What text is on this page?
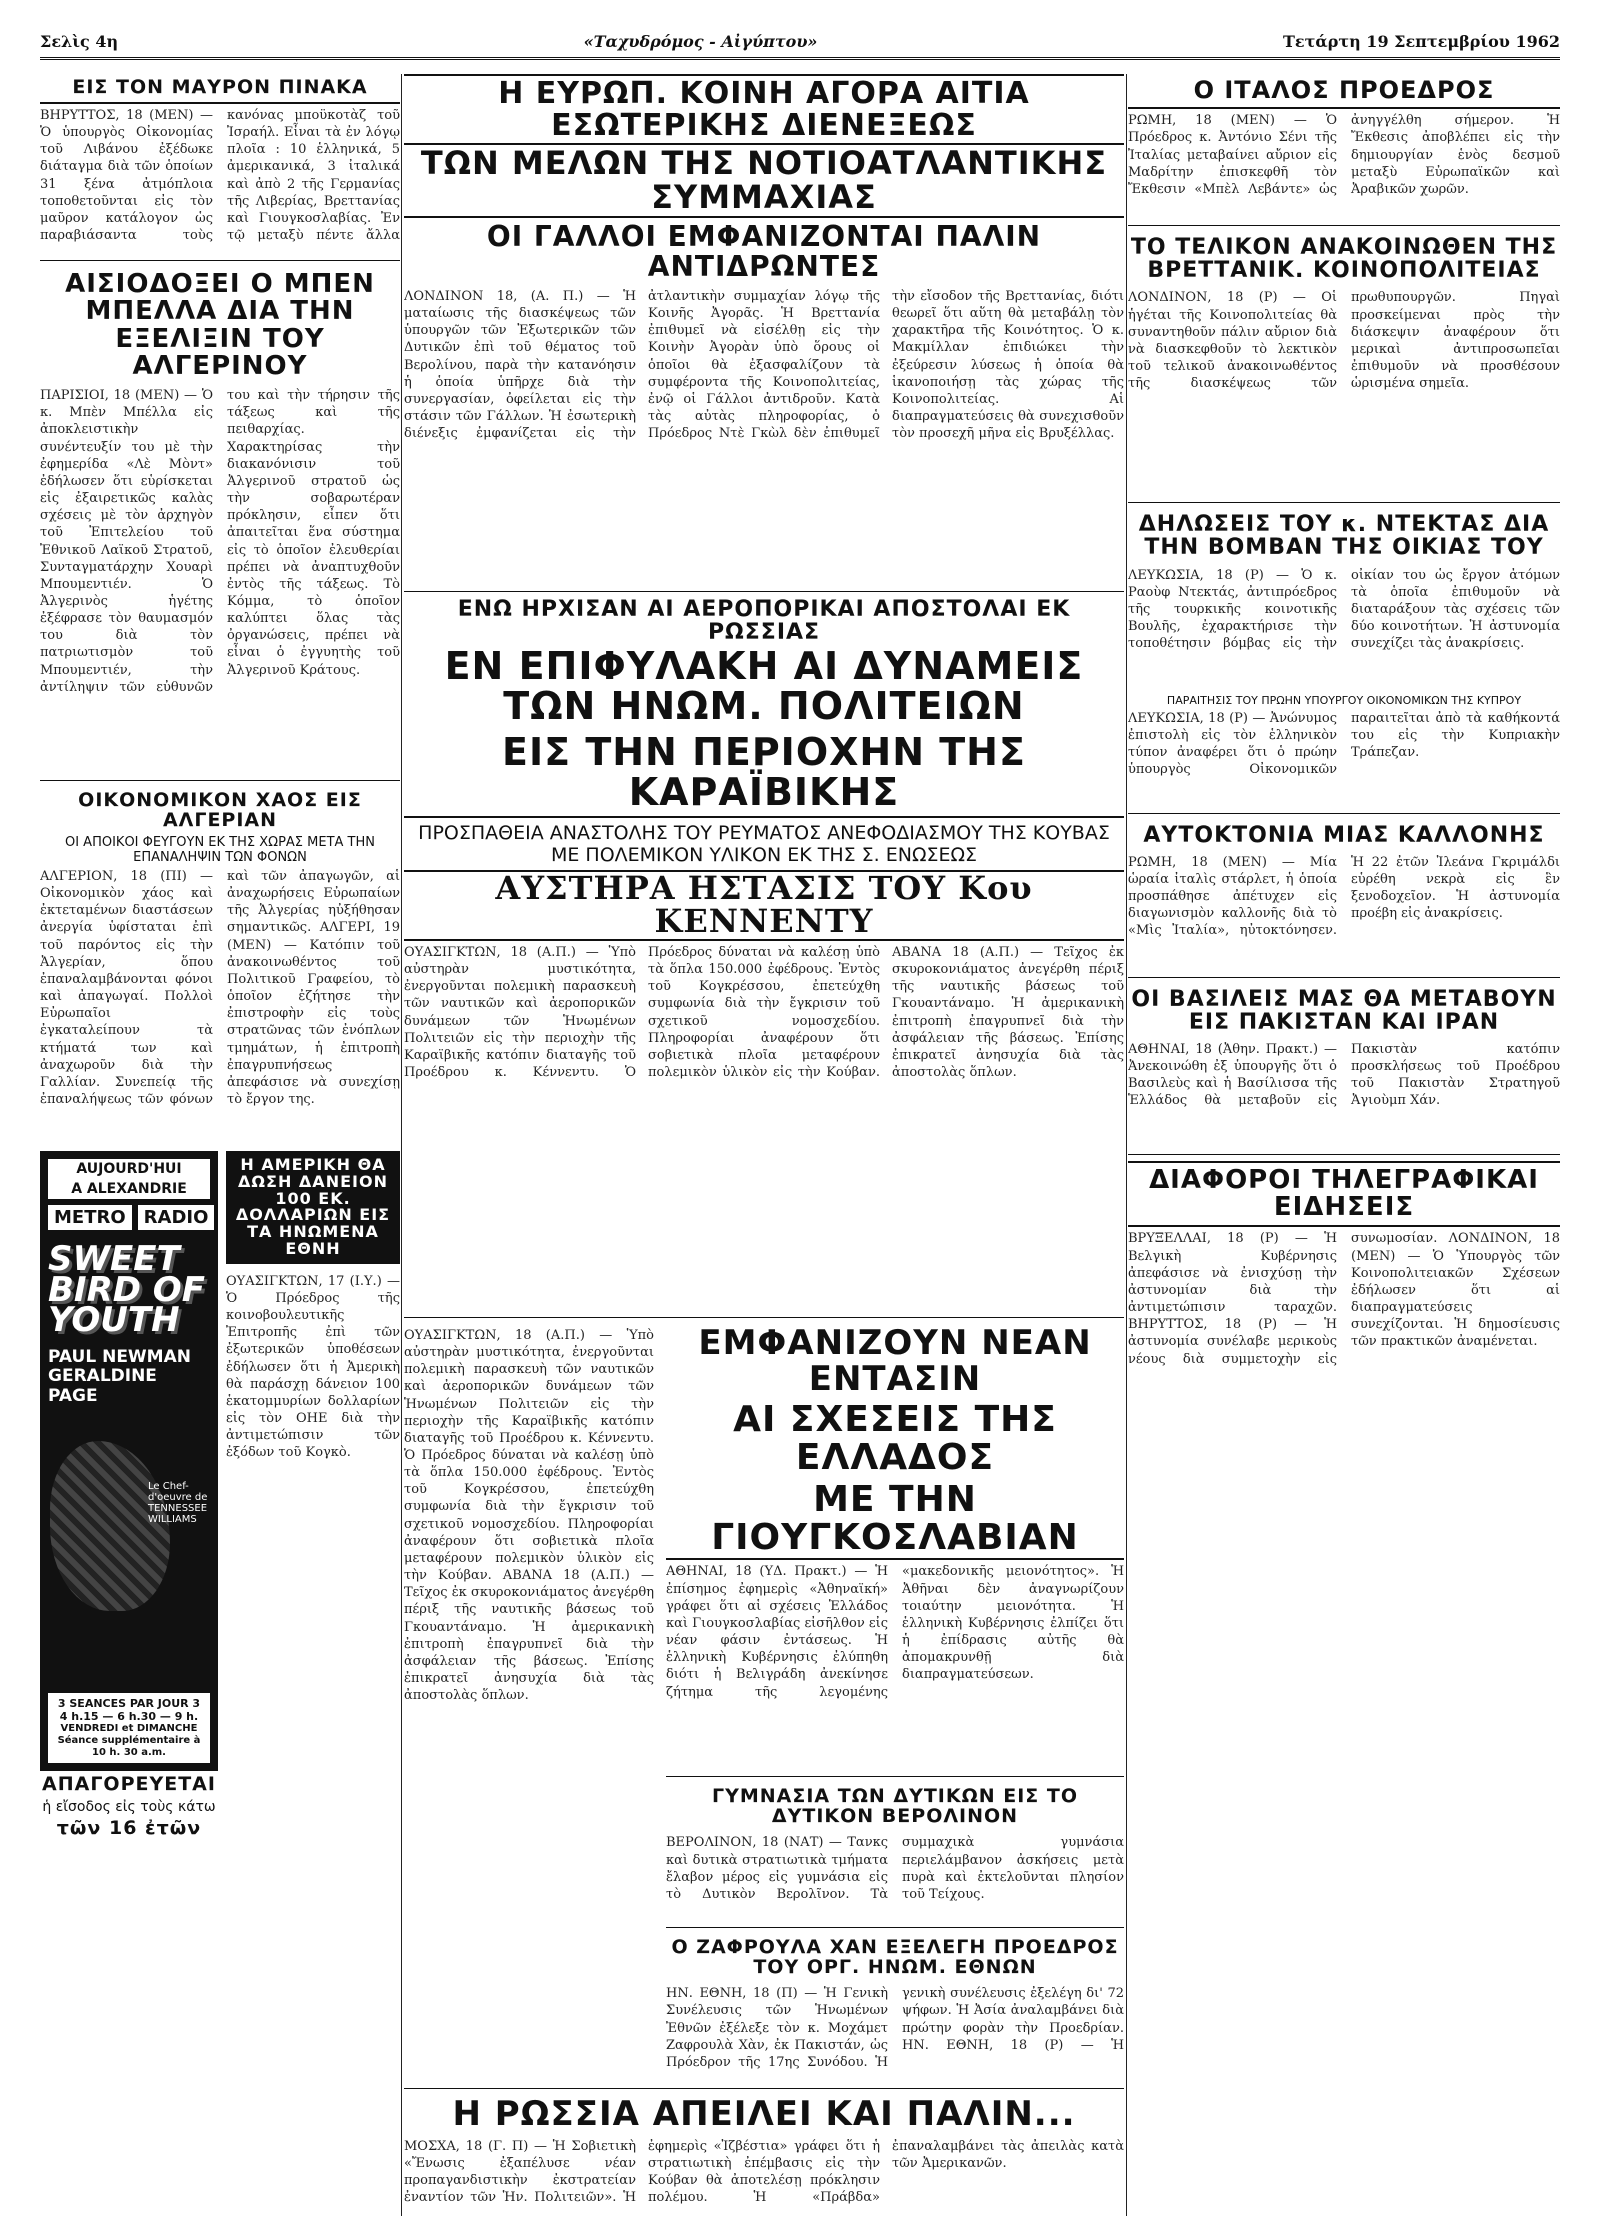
Σελὶς 4η	«Ταχυδρόμος - Αἰγύπτου»	Τετάρτη 19 Σεπτεμβρίου 1962
ΕΙΣ ΤΟΝ ΜΑΥΡΟΝ ΠΙΝΑΚΑ
ΒΗΡΥΤΤΟΣ, 18 (ΜΕΝ) — Ὁ ὑπουργὸς Οἰκονομίας τοῦ Λιβάνου ἐξέδωκε διάταγμα διὰ τῶν ὁποίων 31 ξένα ἀτμόπλοια τοποθετοῦνται εἰς τὸν μαῦρον κατάλογον ὡς παραβιάσαντα τοὺς κανόνας μποϋκοτὰζ τοῦ Ἰσραήλ. Εἶναι τὰ ἐν λόγῳ πλοῖα : 10 ἑλληνικά, 5 ἀμερικανικά, 3 ἰταλικά καὶ ἀπὸ 2 τῆς Γερμανίας τῆς Λιβερίας, Βρεττανίας καὶ Γιουγκοσλαβίας. Ἐν τῷ μεταξὺ πέντε ἄλλα
ΑΙΣΙΟΔΟΞΕΙ Ο ΜΠΕΝ ΜΠΕΛΛΑ ΔΙΑ ΤΗΝ ΕΞΕΛΙΞΙΝ ΤΟΥ ΑΛΓΕΡΙΝΟΥ
ΠΑΡΙΣΙΟΙ, 18 (ΜΕΝ) — Ὁ κ. Μπὲν Μπέλλα εἰς ἀποκλειστικὴν συνέντευξίν του μὲ τὴν ἐφημερίδα «Λὲ Μὸντ» ἐδήλωσεν ὅτι εὑρίσκεται εἰς ἐξαιρετικῶς καλὰς σχέσεις μὲ τὸν ἀρχηγὸν τοῦ Ἐπιτελείου τοῦ Ἐθνικοῦ Λαϊκοῦ Στρατοῦ, Συνταγματάρχην Χουαρὶ Μπουμεντιέν. Ὁ Ἀλγερινὸς ἡγέτης ἐξέφρασε τὸν θαυμασμόν του διὰ τὸν πατριωτισμὸν τοῦ Μπουμεντιέν, τὴν ἀντίληψιν τῶν εὐθυνῶν του καὶ τὴν τήρησιν τῆς τάξεως καὶ τῆς πειθαρχίας. Χαρακτηρίσας τὴν διακανόνισιν τοῦ Ἀλγερινοῦ στρατοῦ ὡς τὴν σοβαρωτέραν πρόκλησιν, εἶπεν ὅτι ἀπαιτεῖται ἕνα σύστημα εἰς τὸ ὁποῖον ἐλευθερίαι πρέπει νὰ ἀναπτυχθοῦν ἐντὸς τῆς τάξεως. Τὸ Κόμμα, τὸ ὁποῖον καλύπτει ὅλας τὰς ὀργανώσεις, πρέπει νὰ εἶναι ὁ ἐγγυητὴς τοῦ Ἀλγερινοῦ Κράτους.
ΟΙΚΟΝΟΜΙΚΟΝ ΧΑΟΣ ΕΙΣ ΑΛΓΕΡΙΑΝ
ΟΙ ΑΠΟΙΚΟΙ ΦΕΥΓΟΥΝ ΕΚ ΤΗΣ ΧΩΡΑΣ ΜΕΤΑ ΤΗΝ ΕΠΑΝΑΛΗΨΙΝ ΤΩΝ ΦΟΝΩΝ
ΑΛΓΕΡΙΟΝ, 18 (ΠΙ) — Οἰκονομικὸν χάος καὶ ἐκτεταμένων διαστάσεων ἀνεργία ὑφίσταται ἐπὶ τοῦ παρόντος εἰς τὴν Ἀλγερίαν, ὅπου ἐπαναλαμβάνονται φόνοι καὶ ἀπαγωγαί. Πολλοὶ Εὐρωπαῖοι ἐγκαταλείπουν τὰ κτήματά των καὶ ἀναχωροῦν διὰ τὴν Γαλλίαν. Συνεπείᾳ τῆς ἐπαναλήψεως τῶν φόνων καὶ τῶν ἀπαγωγῶν, αἱ ἀναχωρήσεις Εὐρωπαίων τῆς Ἀλγερίας ηὐξήθησαν σημαντικῶς. ΑΛΓΕΡΙ, 19 (ΜΕΝ) — Κατόπιν τοῦ ἀνακοινωθέντος τοῦ Πολιτικοῦ Γραφείου, τὸ ὁποῖον ἐζήτησε τὴν ἐπιστροφὴν εἰς τοὺς στρατῶνας τῶν ἐνόπλων τμημάτων, ἡ ἐπιτροπὴ ἐπαγρυπνήσεως ἀπεφάσισε νὰ συνεχίσῃ τὸ ἔργον της.
AUJOURD'HUI
A ALEXANDRIE
METRO	RADIO
SWEET BIRD OF YOUTH
PAUL NEWMAN
GERALDINE PAGE
Le Chef-d'oeuvre de TENNESSEE WILLIAMS
3 SEANCES PAR JOUR 3
4 h.15 — 6 h.30 — 9 h.
VENDREDI et DIMANCHE Séance supplémentaire à 10 h. 30 a.m.
ΑΠΑΓΟΡΕΥΕΤΑΙ
ἡ εἴσοδος εἰς τοὺς κάτω
τῶν 16 ἐτῶν
Η ΑΜΕΡΙΚΗ ΘΑ ΔΩΣΗ ΔΑΝΕΙΟΝ 100 ΕΚ. ΔΟΛΛΑΡΙΩΝ ΕΙΣ ΤΑ ΗΝΩΜΕΝΑ ΕΘΝΗ
ΟΥΑΣΙΓΚΤΩΝ, 17 (Ι.Υ.) — Ὁ Πρόεδρος τῆς κοινοβουλευτικῆς Ἐπιτροπῆς ἐπὶ τῶν ἐξωτερικῶν ὑποθέσεων ἐδήλωσεν ὅτι ἡ Ἀμερικὴ θὰ παράσχῃ δάνειον 100 ἑκατομμυρίων δολλαρίων εἰς τὸν ΟΗΕ διὰ τὴν ἀντιμετώπισιν τῶν ἐξόδων τοῦ Κογκὸ.
Η ΕΥΡΩΠ. ΚΟΙΝΗ ΑΓΟΡΑ ΑΙΤΙΑ ΕΣΩΤΕΡΙΚΗΣ ΔΙΕΝΕΞΕΩΣ
ΤΩΝ ΜΕΛΩΝ ΤΗΣ ΝΟΤΙΟΑΤΛΑΝΤΙΚΗΣ ΣΥΜΜΑΧΙΑΣ
ΟΙ ΓΑΛΛΟΙ ΕΜΦΑΝΙΖΟΝΤΑΙ ΠΑΛΙΝ ΑΝΤΙΔΡΩΝΤΕΣ
ΛΟΝΔΙΝΟΝ 18, (Α. Π.) — Ἡ ματαίωσις τῆς διασκέψεως τῶν ὑπουργῶν τῶν Ἐξωτερικῶν τῶν Δυτικῶν ἐπὶ τοῦ θέματος τοῦ Βερολίνου, παρὰ τὴν κατανόησιν ἡ ὁποία ὑπῆρχε διὰ τὴν συνεργασίαν, ὀφείλεται εἰς τὴν στάσιν τῶν Γάλλων. Ἡ ἐσωτερικὴ διένεξις ἐμφανίζεται εἰς τὴν ἀτλαντικὴν συμμαχίαν λόγῳ τῆς Κοινῆς Ἀγορᾶς. Ἡ Βρεττανία ἐπιθυμεῖ νὰ εἰσέλθῃ εἰς τὴν Κοινὴν Ἀγορὰν ὑπὸ ὅρους οἱ ὁποῖοι θὰ ἐξασφαλίζουν τὰ συμφέροντα τῆς Κοινοπολιτείας, ἐνῷ οἱ Γάλλοι ἀντιδροῦν. Κατὰ τὰς αὐτὰς πληροφορίας, ὁ Πρόεδρος Ντὲ Γκὼλ δὲν ἐπιθυμεῖ τὴν εἴσοδον τῆς Βρεττανίας, διότι θεωρεῖ ὅτι αὕτη θὰ μεταβάλῃ τὸν χαρακτῆρα τῆς Κοινότητος. Ὁ κ. Μακμίλλαν ἐπιδιώκει τὴν ἐξεύρεσιν λύσεως ἡ ὁποία θὰ ἱκανοποιήσῃ τὰς χώρας τῆς Κοινοπολιτείας. Αἱ διαπραγματεύσεις θὰ συνεχισθοῦν τὸν προσεχῆ μῆνα εἰς Βρυξέλλας.
ΕΝΩ ΗΡΧΙΣΑΝ ΑΙ ΑΕΡΟΠΟΡΙΚΑΙ ΑΠΟΣΤΟΛΑΙ ΕΚ ΡΩΣΣΙΑΣ
ΕΝ ΕΠΙΦΥΛΑΚΗ ΑΙ ΔΥΝΑΜΕΙΣ ΤΩΝ ΗΝΩΜ. ΠΟΛΙΤΕΙΩΝ
ΕΙΣ ΤΗΝ ΠΕΡΙΟΧΗΝ ΤΗΣ ΚΑΡΑΪΒΙΚΗΣ
ΠΡΟΣΠΑΘΕΙΑ ΑΝΑΣΤΟΛΗΣ ΤΟΥ ΡΕΥΜΑΤΟΣ ΑΝΕΦΟΔΙΑΣΜΟΥ ΤΗΣ ΚΟΥΒΑΣ ΜΕ ΠΟΛΕΜΙΚΟΝ ΥΛΙΚΟΝ ΕΚ ΤΗΣ Σ. ΕΝΩΣΕΩΣ
ΑΥΣΤΗΡΑ ΗΣΤΑΣΙΣ ΤΟΥ Κου ΚΕΝΝΕΝΤΥ
ΟΥΑΣΙΓΚΤΩΝ, 18 (Α.Π.) — Ὑπὸ αὐστηρὰν μυστικότητα, ἐνεργοῦνται πολεμικὴ παρασκευὴ τῶν ναυτικῶν καὶ ἀεροπορικῶν δυνάμεων τῶν Ἡνωμένων Πολιτειῶν εἰς τὴν περιοχὴν τῆς Καραϊβικῆς κατόπιν διαταγῆς τοῦ Προέδρου κ. Κέννεντυ. Ὁ Πρόεδρος δύναται νὰ καλέσῃ ὑπὸ τὰ ὅπλα 150.000 ἐφέδρους. Ἐντὸς τοῦ Κογκρέσσου, ἐπετεύχθη συμφωνία διὰ τὴν ἔγκρισιν τοῦ σχετικοῦ νομοσχεδίου. Πληροφορίαι ἀναφέρουν ὅτι σοβιετικὰ πλοῖα μεταφέρουν πολεμικὸν ὑλικὸν εἰς τὴν Κούβαν. ΑΒΑΝΑ 18 (Α.Π.) — Τεῖχος ἐκ σκυροκονιάματος ἀνεγέρθη πέριξ τῆς ναυτικῆς βάσεως τοῦ Γκουαντάναμο. Ἡ ἀμερικανικὴ ἐπιτροπὴ ἐπαγρυπνεῖ διὰ τὴν ἀσφάλειαν τῆς βάσεως. Ἐπίσης ἐπικρατεῖ ἀνησυχία διὰ τὰς ἀποστολὰς ὅπλων.
ΟΥΑΣΙΓΚΤΩΝ, 18 (Α.Π.) — Ὑπὸ αὐστηρὰν μυστικότητα, ἐνεργοῦνται πολεμικὴ παρασκευὴ τῶν ναυτικῶν καὶ ἀεροπορικῶν δυνάμεων τῶν Ἡνωμένων Πολιτειῶν εἰς τὴν περιοχὴν τῆς Καραϊβικῆς κατόπιν διαταγῆς τοῦ Προέδρου κ. Κέννεντυ. Ὁ Πρόεδρος δύναται νὰ καλέσῃ ὑπὸ τὰ ὅπλα 150.000 ἐφέδρους. Ἐντὸς τοῦ Κογκρέσσου, ἐπετεύχθη συμφωνία διὰ τὴν ἔγκρισιν τοῦ σχετικοῦ νομοσχεδίου. Πληροφορίαι ἀναφέρουν ὅτι σοβιετικὰ πλοῖα μεταφέρουν πολεμικὸν ὑλικὸν εἰς τὴν Κούβαν. ΑΒΑΝΑ 18 (Α.Π.) — Τεῖχος ἐκ σκυροκονιάματος ἀνεγέρθη πέριξ τῆς ναυτικῆς βάσεως τοῦ Γκουαντάναμο. Ἡ ἀμερικανικὴ ἐπιτροπὴ ἐπαγρυπνεῖ διὰ τὴν ἀσφάλειαν τῆς βάσεως. Ἐπίσης ἐπικρατεῖ ἀνησυχία διὰ τὰς ἀποστολὰς ὅπλων.
ΕΜΦΑΝΙΖΟΥΝ ΝΕΑΝ ΕΝΤΑΣΙΝ
ΑΙ ΣΧΕΣΕΙΣ ΤΗΣ ΕΛΛΑΔΟΣ
ΜΕ ΤΗΝ ΓΙΟΥΓΚΟΣΛΑΒΙΑΝ
ΑΘΗΝΑΙ, 18 (ΥΔ. Πρακτ.) — Ἡ ἐπίσημος ἐφημερὶς «Ἀθηναϊκή» γράφει ὅτι αἱ σχέσεις Ἑλλάδος καὶ Γιουγκοσλαβίας εἰσῆλθον εἰς νέαν φάσιν ἐντάσεως. Ἡ ἑλληνικὴ Κυβέρνησις ἐλύπηθη διότι ἡ Βελιγράδη ἀνεκίνησε ζήτημα τῆς λεγομένης «μακεδονικῆς μειονότητος». Ἡ Ἀθῆναι δὲν ἀναγνωρίζουν τοιαύτην μειονότητα. Ἡ ἑλληνικὴ Κυβέρνησις ἐλπίζει ὅτι ἡ ἐπίδρασις αὐτῆς θὰ ἀπομακρυνθῇ διὰ διαπραγματεύσεων.
ΓΥΜΝΑΣΙΑ ΤΩΝ ΔΥΤΙΚΩΝ ΕΙΣ ΤΟ ΔΥΤΙΚΟΝ ΒΕΡΟΛΙΝΟΝ
ΒΕΡΟΛΙΝΟΝ, 18 (ΝΑΤ) — Τανκς καὶ δυτικὰ στρατιωτικὰ τμήματα ἔλαβον μέρος εἰς γυμνάσια εἰς τὸ Δυτικὸν Βερολῖνον. Τὰ συμμαχικὰ γυμνάσια περιελάμβανον ἀσκήσεις μετὰ πυρὰ καὶ ἐκτελοῦνται πλησίον τοῦ Τείχους.
Ο ΖΑΦΡΟΥΛΑ ΧΑΝ ΕΞΕΛΕΓΗ ΠΡΟΕΔΡΟΣ ΤΟΥ ΟΡΓ. ΗΝΩΜ. ΕΘΝΩΝ
ΗΝ. ΕΘΝΗ, 18 (Π) — Ἡ Γενικὴ Συνέλευσις τῶν Ἡνωμένων Ἐθνῶν ἐξέλεξε τὸν κ. Μοχάμετ Ζαφρουλὰ Χὰν, ἐκ Πακιστάν, ὡς Πρόεδρον τῆς 17ης Συνόδου. Ἡ γενικὴ συνέλευσις ἐξελέγη δι' 72 ψήφων. Ἡ Ἀσία ἀναλαμβάνει διὰ πρώτην φορὰν τὴν Προεδρίαν. ΗΝ. ΕΘΝΗ, 18 (Ρ) — Ἡ
Η ΡΩΣΣΙΑ ΑΠΕΙΛΕΙ ΚΑΙ ΠΑΛΙΝ...
ΜΟΣΧΑ, 18 (Γ. Π) — Ἡ Σοβιετικὴ «Ἔνωσις ἐξαπέλυσε νέαν προπαγανδιστικὴν ἐκστρατείαν ἐναντίον τῶν Ἡν. Πολιτειῶν». Ἡ ἐφημερὶς «Ἰζβέστια» γράφει ὅτι ἡ στρατιωτικὴ ἐπέμβασις εἰς τὴν Κούβαν θὰ ἀποτελέσῃ πρόκλησιν πολέμου. Ἡ «Πράβδα» ἐπαναλαμβάνει τὰς ἀπειλὰς κατὰ τῶν Ἀμερικανῶν.
Ο ΙΤΑΛΟΣ ΠΡΟΕΔΡΟΣ
ΡΩΜΗ, 18 (ΜΕΝ) — Ὁ Πρόεδρος κ. Ἀντόνιο Σένι τῆς Ἰταλίας μεταβαίνει αὔριον εἰς Μαδρίτην ἐπισκεφθῆ τὸν Ἔκθεσιν «Μπὲλ Λεβάντε» ὡς ἀνηγγέλθη σήμερον. Ἡ Ἔκθεσις ἀποβλέπει εἰς τὴν δημιουργίαν ἑνὸς δεσμοῦ μεταξὺ Εὐρωπαϊκῶν καὶ Ἀραβικῶν χωρῶν.
ΤΟ ΤΕΛΙΚΟΝ ΑΝΑΚΟΙΝΩΘΕΝ ΤΗΣ ΒΡΕΤΤΑΝΙΚ. ΚΟΙΝΟΠΟΛΙΤΕΙΑΣ
ΛΟΝΔΙΝΟΝ, 18 (Ρ) — Οἱ ἡγέται τῆς Κοινοπολιτείας θὰ συναντηθοῦν πάλιν αὔριον διὰ νὰ διασκεφθοῦν τὸ λεκτικὸν τοῦ τελικοῦ ἀνακοινωθέντος τῆς διασκέψεως τῶν πρωθυπουργῶν. Πηγαὶ προσκείμεναι πρὸς τὴν διάσκεψιν ἀναφέρουν ὅτι μερικαὶ ἀντιπροσωπεῖαι ἐπιθυμοῦν νὰ προσθέσουν ὡρισμένα σημεῖα.
ΔΗΛΩΣΕΙΣ ΤΟΥ κ. ΝΤΕΚΤΑΣ ΔΙΑ ΤΗΝ ΒΟΜΒΑΝ ΤΗΣ ΟΙΚΙΑΣ ΤΟΥ
ΛΕΥΚΩΣΙΑ, 18 (Ρ) — Ὁ κ. Ραοὺφ Ντεκτάς, ἀντιπρόεδρος τῆς τουρκικῆς κοινοτικῆς Βουλῆς, ἐχαρακτήρισε τὴν τοποθέτησιν βόμβας εἰς τὴν οἰκίαν του ὡς ἔργον ἀτόμων τὰ ὁποῖα ἐπιθυμοῦν νὰ διαταράξουν τὰς σχέσεις τῶν δύο κοινοτήτων. Ἡ ἀστυνομία συνεχίζει τὰς ἀνακρίσεις.
ΠΑΡΑΙΤΗΣΙΣ ΤΟΥ ΠΡΩΗΝ ΥΠΟΥΡΓΟΥ ΟΙΚΟΝΟΜΙΚΩΝ ΤΗΣ ΚΥΠΡΟΥ
ΛΕΥΚΩΣΙΑ, 18 (Ρ) — Ἀνώνυμος ἐπιστολὴ εἰς τὸν ἑλληνικὸν τύπον ἀναφέρει ὅτι ὁ πρώην ὑπουργὸς Οἰκονομικῶν παραιτεῖται ἀπὸ τὰ καθήκοντά του εἰς τὴν Κυπριακὴν Τράπεζαν.
ΑΥΤΟΚΤΟΝΙΑ ΜΙΑΣ ΚΑΛΛΟΝΗΣ
ΡΩΜΗ, 18 (ΜΕΝ) — Μία ὡραία ἰταλὶς στάρλετ, ἡ ὁποία προσπάθησε ἀπέτυχεν εἰς διαγωνισμὸν καλλονῆς διὰ τὸ «Μὶς Ἰταλία», ηὐτοκτόνησεν. Ἡ 22 ἐτῶν Ἰλεάνα Γκριμάλδι εὑρέθη νεκρὰ εἰς ἓν ξενοδοχεῖον. Ἡ ἀστυνομία προέβη εἰς ἀνακρίσεις.
ΟΙ ΒΑΣΙΛΕΙΣ ΜΑΣ ΘΑ ΜΕΤΑΒΟΥΝ ΕΙΣ ΠΑΚΙΣΤΑΝ ΚΑΙ ΙΡΑΝ
ΑΘΗΝΑΙ, 18 (Ἀθην. Πρακτ.) — Ἀνεκοινώθη ἐξ ὑπουργῆς ὅτι ὁ Βασιλεὺς καὶ ἡ Βασίλισσα τῆς Ἑλλάδος θὰ μεταβοῦν εἰς Πακιστὰν κατόπιν προσκλήσεως τοῦ Προέδρου τοῦ Πακιστὰν Στρατηγοῦ Ἀγιοὺμπ Χάν.
ΔΙΑΦΟΡΟΙ ΤΗΛΕΓΡΑΦΙΚΑΙ ΕΙΔΗΣΕΙΣ
ΒΡΥΞΕΛΛΑΙ, 18 (Ρ) — Ἡ Βελγικὴ Κυβέρνησις ἀπεφάσισε νὰ ἐνισχύσῃ τὴν ἀστυνομίαν διὰ τὴν ἀντιμετώπισιν ταραχῶν. ΒΗΡΥΤΤΟΣ, 18 (Ρ) — Ἡ ἀστυνομία συνέλαβε μερικοὺς νέους διὰ συμμετοχὴν εἰς συνωμοσίαν. ΛΟΝΔΙΝΟΝ, 18 (ΜΕΝ) — Ὁ Ὑπουργὸς τῶν Κοινοπολιτειακῶν Σχέσεων ἐδήλωσεν ὅτι αἱ διαπραγματεύσεις συνεχίζονται. Ἡ δημοσίευσις τῶν πρακτικῶν ἀναμένεται.
